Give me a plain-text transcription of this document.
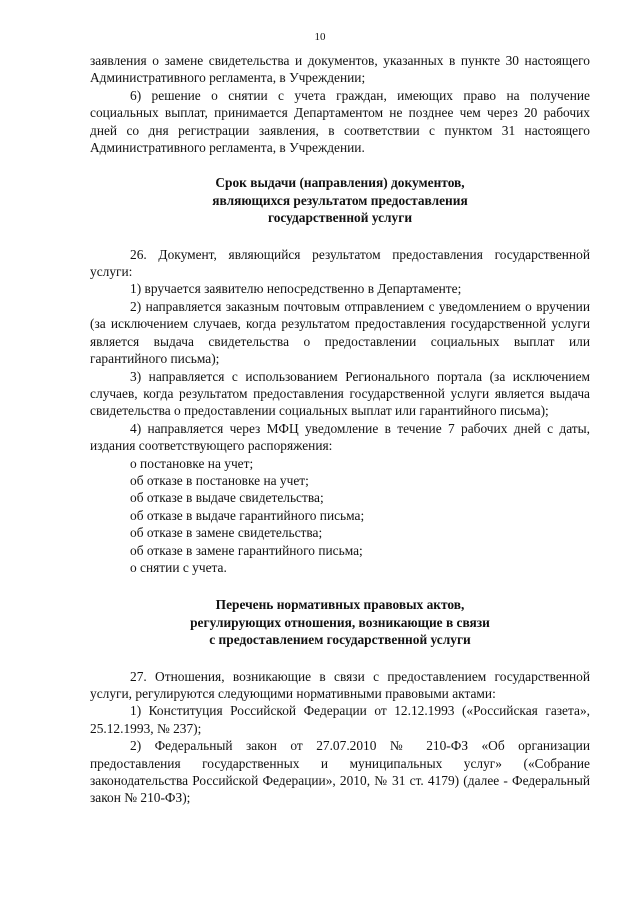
10

заявления о замене свидетельства и документов, указанных в пункте 30 настоящего Административного регламента, в Учреждении;

6) решение о снятии с учета граждан, имеющих право на получение социальных выплат, принимается Департаментом не позднее чем через 20 рабочих дней со дня регистрации заявления, в соответствии с пунктом 31 настоящего Административного регламента, в Учреждении.

Срок выдачи (направления) документов,
являющихся результатом предоставления
государственной услуги

26. Документ, являющийся результатом предоставления государственной услуги:

1) вручается заявителю непосредственно в Департаменте;

2) направляется заказным почтовым отправлением с уведомлением о вручении (за исключением случаев, когда результатом предоставления государственной услуги является выдача свидетельства о предоставлении социальных выплат или гарантийного письма);

3) направляется с использованием Регионального портала (за исключением случаев, когда результатом предоставления государственной услуги является выдача свидетельства о предоставлении социальных выплат или гарантийного письма);

4) направляется через МФЦ уведомление в течение 7 рабочих дней с даты, издания соответствующего распоряжения:

о постановке на учет;

об отказе в постановке на учет;

об отказе в выдаче свидетельства;

об отказе в выдаче гарантийного письма;

об отказе в замене свидетельства;

об отказе в замене гарантийного письма;

о снятии с учета.

Перечень нормативных правовых актов,
регулирующих отношения, возникающие в связи
с предоставлением государственной услуги

27. Отношения, возникающие в связи с предоставлением государственной услуги, регулируются следующими нормативными правовыми актами:

1) Конституция Российской Федерации от 12.12.1993 («Российская газета», 25.12.1993, № 237);

2) Федеральный закон от 27.07.2010 № 210-ФЗ «Об организации предоставления государственных и муниципальных услуг» («Собрание законодательства Российской Федерации», 2010, № 31 ст. 4179) (далее - Федеральный закон № 210-ФЗ);
